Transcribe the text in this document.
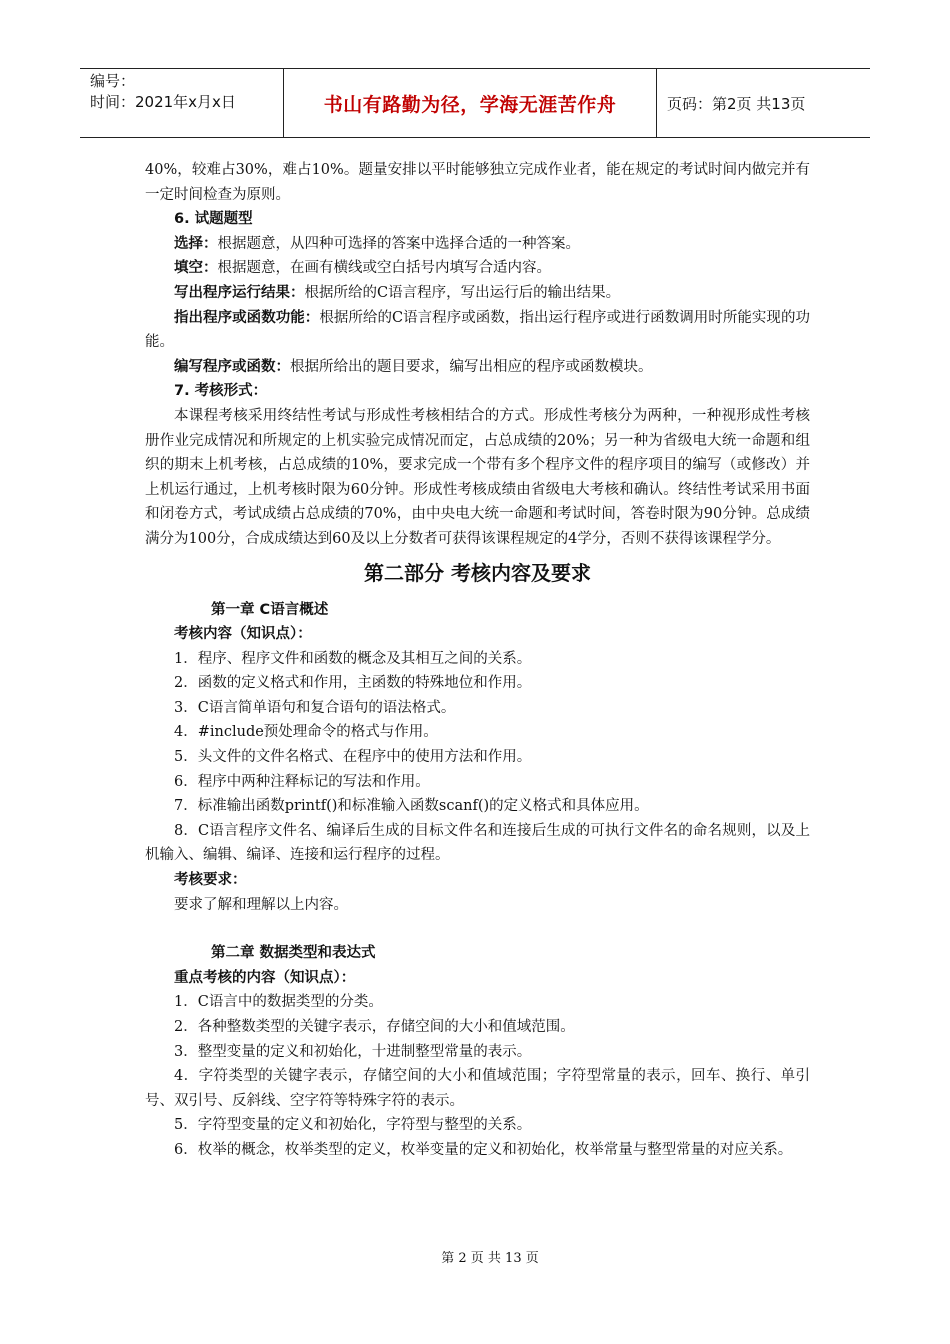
编号：
时间：2021年x月x日	书山有路勤为径，学海无涯苦作舟	页码：第2页 共13页
40%，较难占30%，难占10%。题量安排以平时能够独立完成作业者，能在规定的考试时间内做完并有一定时间检查为原则。
6. 试题题型
选择：根据题意，从四种可选择的答案中选择合适的一种答案。
填空：根据题意，在画有横线或空白括号内填写合适内容。
写出程序运行结果：根据所给的C语言程序，写出运行后的输出结果。
指出程序或函数功能：根据所给的C语言程序或函数，指出运行程序或进行函数调用时所能实现的功能。
编写程序或函数：根据所给出的题目要求，编写出相应的程序或函数模块。
7. 考核形式：
本课程考核采用终结性考试与形成性考核相结合的方式。形成性考核分为两种，一种视形成性考核册作业完成情况和所规定的上机实验完成情况而定，占总成绩的20%；另一种为省级电大统一命题和组织的期末上机考核，占总成绩的10%，要求完成一个带有多个程序文件的程序项目的编写（或修改）并上机运行通过，上机考核时限为60分钟。形成性考核成绩由省级电大考核和确认。终结性考试采用书面和闭卷方式，考试成绩占总成绩的70%，由中央电大统一命题和考试时间，答卷时限为90分钟。总成绩满分为100分，合成成绩达到60及以上分数者可获得该课程规定的4学分，否则不获得该课程学分。
第二部分 考核内容及要求
第一章 C语言概述
考核内容（知识点）：
1．程序、程序文件和函数的概念及其相互之间的关系。
2．函数的定义格式和作用，主函数的特殊地位和作用。
3．C语言简单语句和复合语句的语法格式。
4．#include预处理命令的格式与作用。
5．头文件的文件名格式、在程序中的使用方法和作用。
6．程序中两种注释标记的写法和作用。
7．标准输出函数printf()和标准输入函数scanf()的定义格式和具体应用。
8．C语言程序文件名、编译后生成的目标文件名和连接后生成的可执行文件名的命名规则，以及上机输入、编辑、编译、连接和运行程序的过程。
考核要求：
要求了解和理解以上内容。
第二章 数据类型和表达式
重点考核的内容（知识点）：
1．C语言中的数据类型的分类。
2．各种整数类型的关键字表示，存储空间的大小和值域范围。
3．整型变量的定义和初始化，十进制整型常量的表示。
4．字符类型的关键字表示，存储空间的大小和值域范围；字符型常量的表示，回车、换行、单引号、双引号、反斜线、空字符等特殊字符的表示。
5．字符型变量的定义和初始化，字符型与整型的关系。
6．枚举的概念，枚举类型的定义，枚举变量的定义和初始化，枚举常量与整型常量的对应关系。
第 2 页 共 13 页
